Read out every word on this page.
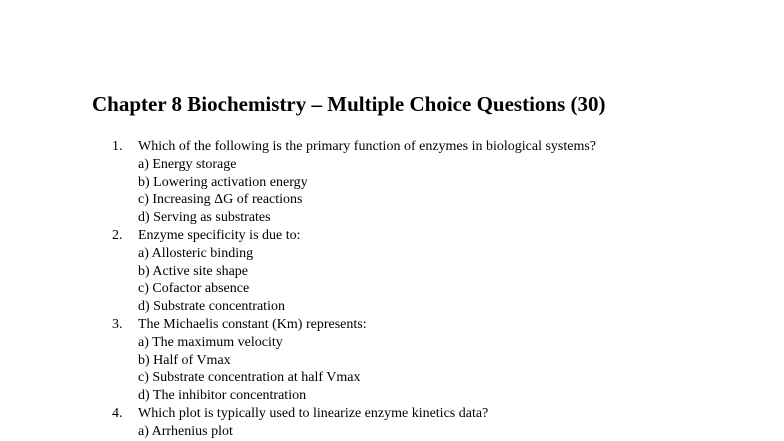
Chapter 8 Biochemistry – Multiple Choice Questions (30)
1.	Which of the following is the primary function of enzymes in biological systems?
a) Energy storage
b) Lowering activation energy
c) Increasing ΔG of reactions
d) Serving as substrates
2.	Enzyme specificity is due to:
a) Allosteric binding
b) Active site shape
c) Cofactor absence
d) Substrate concentration
3.	The Michaelis constant (Km) represents:
a) The maximum velocity
b) Half of Vmax
c) Substrate concentration at half Vmax
d) The inhibitor concentration
4.	Which plot is typically used to linearize enzyme kinetics data?
a) Arrhenius plot
